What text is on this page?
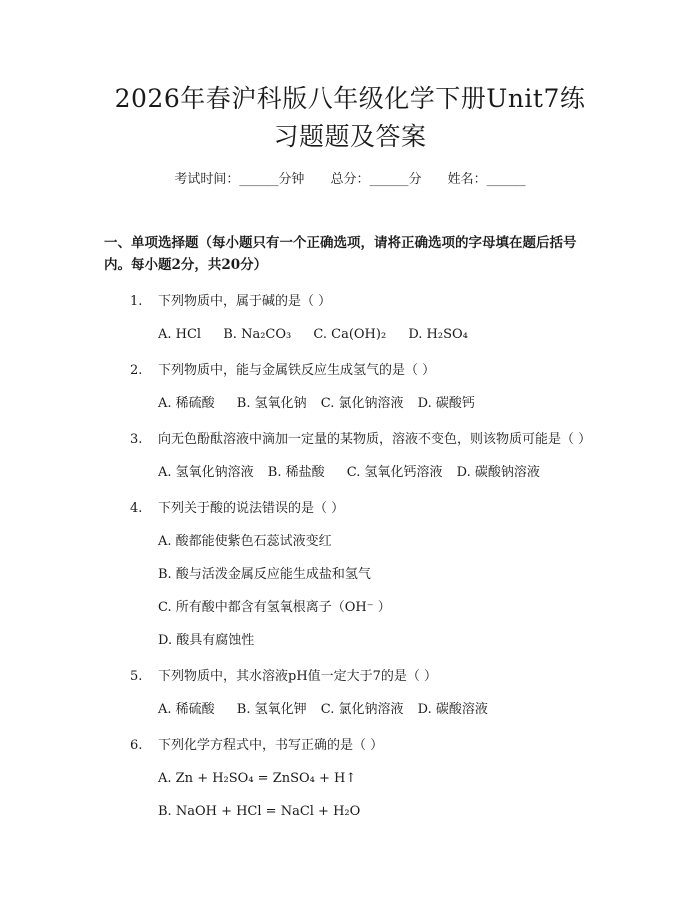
2026年春沪科版八年级化学下册Unit7练习题题及答案
考试时间：______分钟 总分：______分 姓名：______
一、单项选择题（每小题只有一个正确选项，请将正确选项的字母填在题后括号内。每小题2分，共20分）
1. 下列物质中，属于碱的是（ ）
A. HCl B. Na₂CO₃ C. Ca(OH)₂ D. H₂SO₄
2. 下列物质中，能与金属铁反应生成氢气的是（ ）
A. 稀硫酸 B. 氢氧化钠 C. 氯化钠溶液 D. 碳酸钙
3. 向无色酚酞溶液中滴加一定量的某物质，溶液不变色，则该物质可能是（ ）
A. 氢氧化钠溶液 B. 稀盐酸 C. 氢氧化钙溶液 D. 碳酸钠溶液
4. 下列关于酸的说法错误的是（ ）
A. 酸都能使紫色石蕊试液变红
B. 酸与活泼金属反应能生成盐和氢气
C. 所有酸中都含有氢氧根离子（OH⁻ ）
D. 酸具有腐蚀性
5. 下列物质中，其水溶液pH值一定大于7的是（ ）
A. 稀硫酸 B. 氢氧化钾 C. 氯化钠溶液 D. 碳酸溶液
6. 下列化学方程式中，书写正确的是（ ）
A. Zn + H₂SO₄ = ZnSO₄ + H↑
B. NaOH + HCl = NaCl + H₂O
